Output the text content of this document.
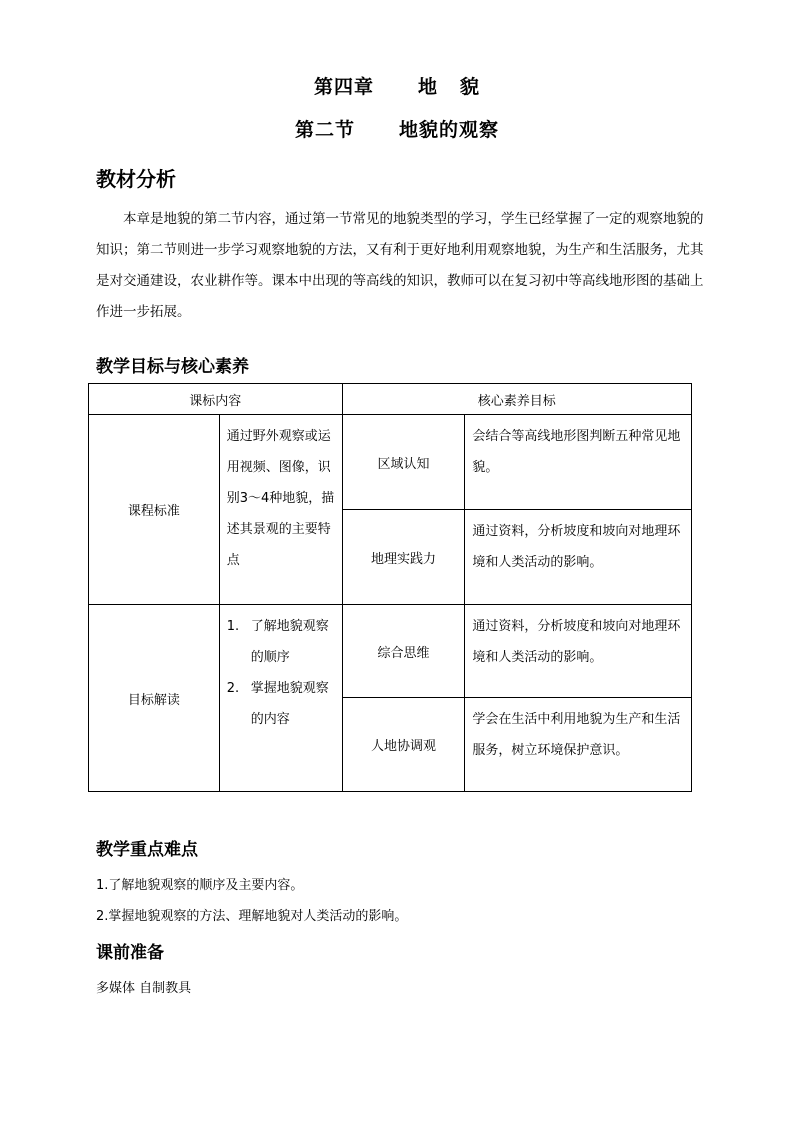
第四章 地 貌
第二节 地貌的观察
教材分析
本章是地貌的第二节内容，通过第一节常见的地貌类型的学习，学生已经掌握了一定的观察地貌的知识；第二节则进一步学习观察地貌的方法，又有利于更好地利用观察地貌，为生产和生活服务，尤其是对交通建设，农业耕作等。课本中出现的等高线的知识，教师可以在复习初中等高线地形图的基础上作进一步拓展。
教学目标与核心素养
课标内容		核心素养目标	
课程标准	通过野外观察或运用视频、图像，识别3～4种地貌，描述其景观的主要特点	区域认知	会结合等高线地形图判断五种常见地貌。

		地理实践力	通过资料，分析坡度和坡向对地理环境和人类活动的影响。

目标解读	1. 了解地貌观察
的顺序
2. 掌握地貌观察
的内容	综合思维	通过资料，分析坡度和坡向对地理环境和人类活动的影响。

		人地协调观	学会在生活中利用地貌为生产和生活服务，树立环境保护意识。
教学重点难点
1.了解地貌观察的顺序及主要内容。
2.掌握地貌观察的方法、理解地貌对人类活动的影响。
课前准备
多媒体 自制教具
